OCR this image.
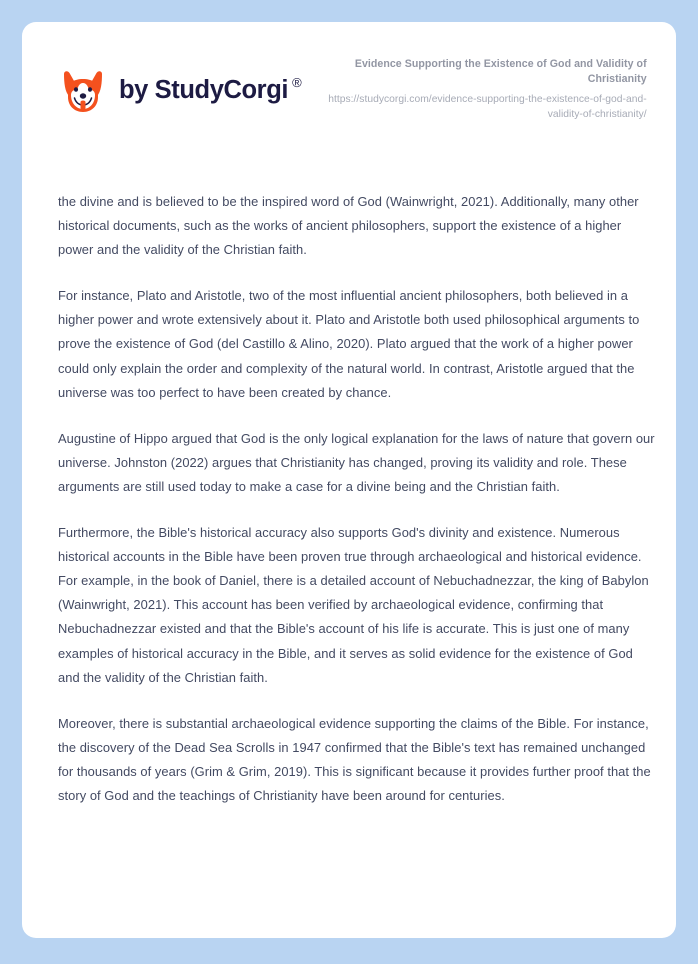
by StudyCorgi ®
Evidence Supporting the Existence of God and Validity of Christianity
https://studycorgi.com/evidence-supporting-the-existence-of-god-and-validity-of-christianity/

the divine and is believed to be the inspired word of God (Wainwright, 2021). Additionally, many other historical documents, such as the works of ancient philosophers, support the existence of a higher power and the validity of the Christian faith.

For instance, Plato and Aristotle, two of the most influential ancient philosophers, both believed in a higher power and wrote extensively about it. Plato and Aristotle both used philosophical arguments to prove the existence of God (del Castillo & Alino, 2020). Plato argued that the work of a higher power could only explain the order and complexity of the natural world. In contrast, Aristotle argued that the universe was too perfect to have been created by chance.

Augustine of Hippo argued that God is the only logical explanation for the laws of nature that govern our universe. Johnston (2022) argues that Christianity has changed, proving its validity and role. These arguments are still used today to make a case for a divine being and the Christian faith.

Furthermore, the Bible's historical accuracy also supports God's divinity and existence. Numerous historical accounts in the Bible have been proven true through archaeological and historical evidence. For example, in the book of Daniel, there is a detailed account of Nebuchadnezzar, the king of Babylon (Wainwright, 2021). This account has been verified by archaeological evidence, confirming that Nebuchadnezzar existed and that the Bible's account of his life is accurate. This is just one of many examples of historical accuracy in the Bible, and it serves as solid evidence for the existence of God and the validity of the Christian faith.

Moreover, there is substantial archaeological evidence supporting the claims of the Bible. For instance, the discovery of the Dead Sea Scrolls in 1947 confirmed that the Bible's text has remained unchanged for thousands of years (Grim & Grim, 2019). This is significant because it provides further proof that the story of God and the teachings of Christianity have been around for centuries.
